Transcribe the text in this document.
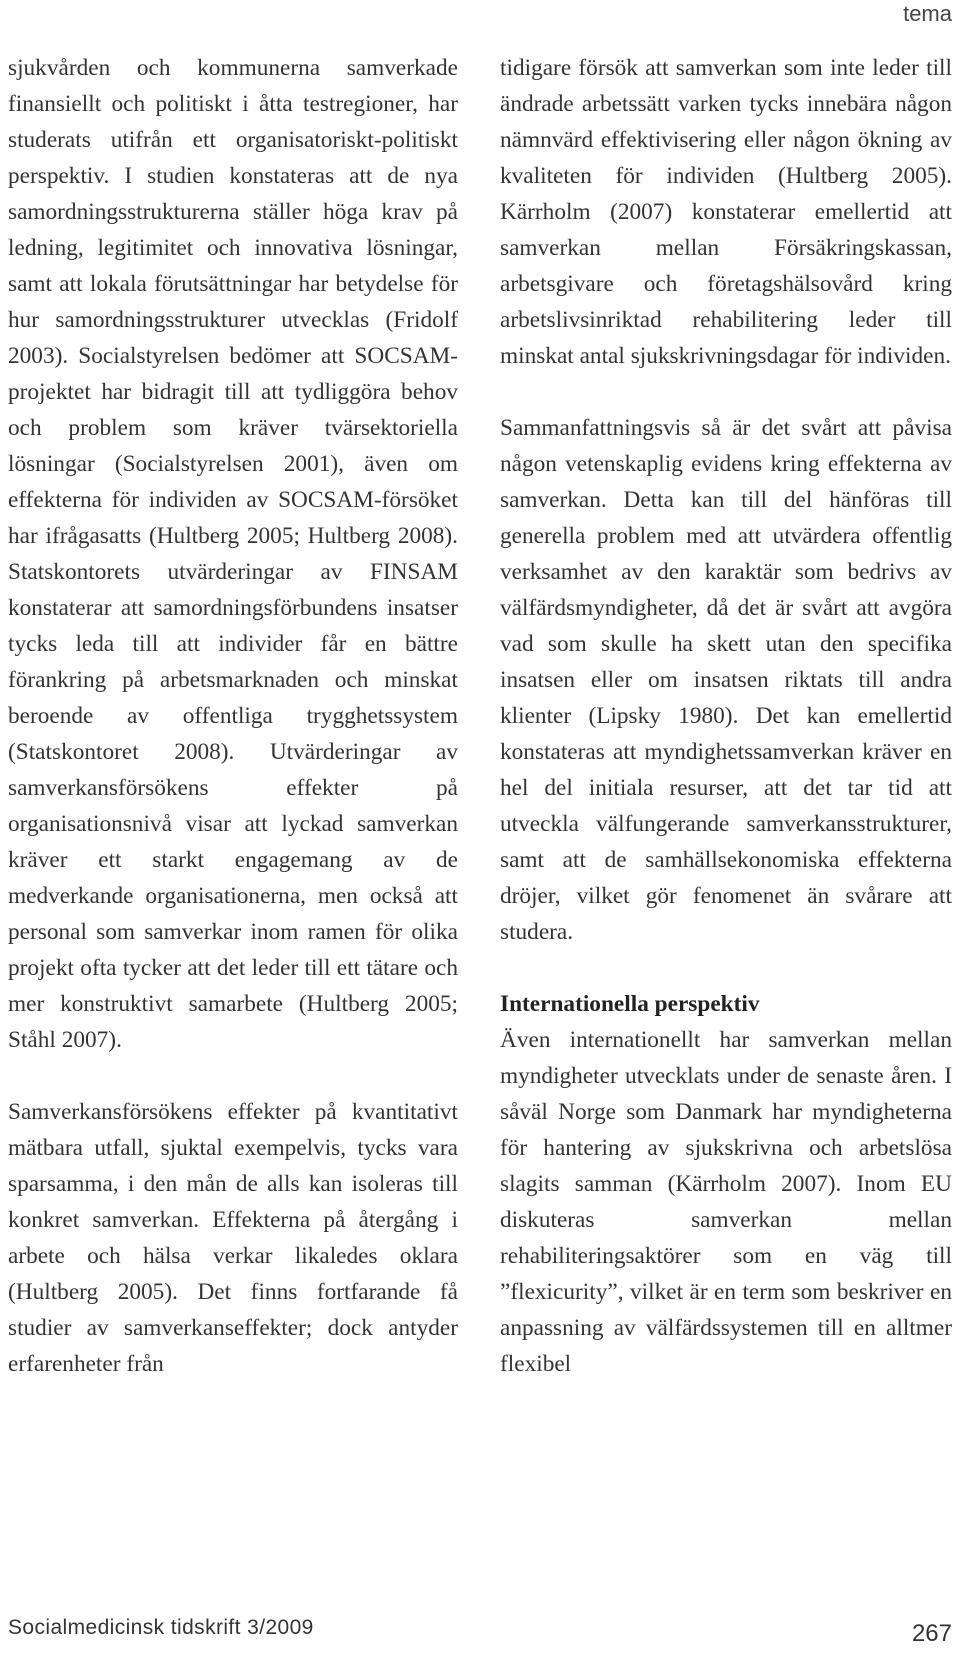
tema

sjukvården och kommunerna samverkade finansiellt och politiskt i åtta testregioner, har studerats utifrån ett organisatoriskt-politiskt perspektiv. I studien konstateras att de nya samordningsstrukturerna ställer höga krav på ledning, legitimitet och innovativa lösningar, samt att lokala förutsättningar har betydelse för hur samordningsstrukturer utvecklas (Fridolf 2003). Socialstyrelsen bedömer att SOCSAM-projektet har bidragit till att tydliggöra behov och problem som kräver tvärsektoriella lösningar (Socialstyrelsen 2001), även om effekterna för individen av SOCSAM-försöket har ifrågasatts (Hultberg 2005; Hultberg 2008). Statskontorets utvärderingar av FINSAM konstaterar att samordningsförbundens insatser tycks leda till att individer får en bättre förankring på arbetsmarknaden och minskat beroende av offentliga trygghetssystem (Statskontoret 2008). Utvärderingar av samverkansförsökens effekter på organisationsnivå visar att lyckad samverkan kräver ett starkt engagemang av de medverkande organisationerna, men också att personal som samverkar inom ramen för olika projekt ofta tycker att det leder till ett tätare och mer konstruktivt samarbete (Hultberg 2005; Ståhl 2007).

Samverkansförsökens effekter på kvantitativt mätbara utfall, sjuktal exempelvis, tycks vara sparsamma, i den mån de alls kan isoleras till konkret samverkan. Effekterna på återgång i arbete och hälsa verkar likaledes oklara (Hultberg 2005). Det finns fortfarande få studier av samverkanseffekter; dock antyder erfarenheter från

tidigare försök att samverkan som inte leder till ändrade arbetssätt varken tycks innebära någon nämnvärd effektivisering eller någon ökning av kvaliteten för individen (Hultberg 2005). Kärrholm (2007) konstaterar emellertid att samverkan mellan Försäkringskassan, arbetsgivare och företagshälsovård kring arbetslivsinriktad rehabilitering leder till minskat antal sjukskrivningsdagar för individen.

Sammanfattningsvis så är det svårt att påvisa någon vetenskaplig evidens kring effekterna av samverkan. Detta kan till del hänföras till generella problem med att utvärdera offentlig verksamhet av den karaktär som bedrivs av välfärdsmyndigheter, då det är svårt att avgöra vad som skulle ha skett utan den specifika insatsen eller om insatsen riktats till andra klienter (Lipsky 1980). Det kan emellertid konstateras att myndighetssamverkan kräver en hel del initiala resurser, att det tar tid att utveckla välfungerande samverkansstrukturer, samt att de samhällsekonomiska effekterna dröjer, vilket gör fenomenet än svårare att studera.

Internationella perspektiv

Även internationellt har samverkan mellan myndigheter utvecklats under de senaste åren. I såväl Norge som Danmark har myndigheterna för hantering av sjukskrivna och arbetslösa slagits samman (Kärrholm 2007). Inom EU diskuteras samverkan mellan rehabiliteringsaktörer som en väg till ”flexicurity”, vilket är en term som beskriver en anpassning av välfärdssystemen till en alltmer flexibel

Socialmedicinsk tidskrift 3/2009	267
